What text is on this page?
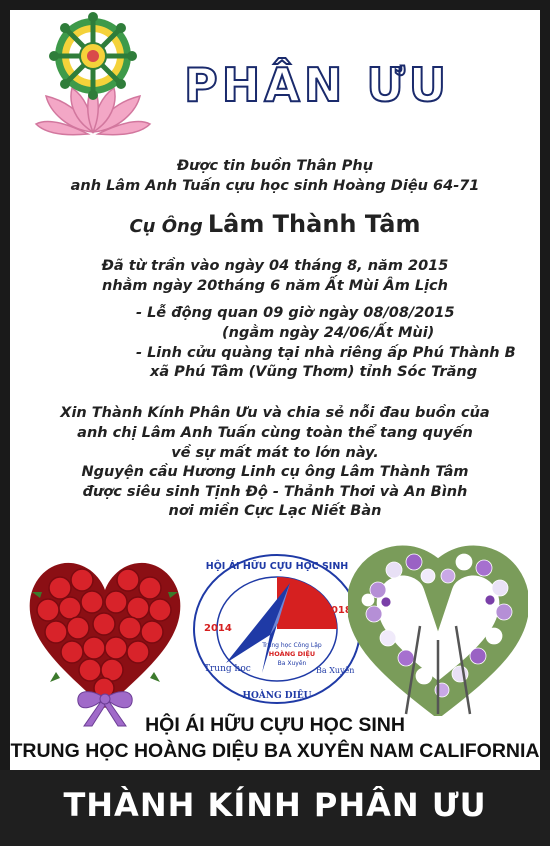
PHÂN ƯU
Được tin buồn Thân Phụ
anh Lâm Anh Tuấn cựu học sinh Hoàng Diệu 64-71
Cụ Ông Lâm Thành Tâm
Đã từ trần vào ngày 04 tháng 8, năm 2015
nhằm ngày 20tháng 6 năm Ất Mùi Âm Lịch
- Lễ động quan 09 giờ ngày 08/08/2015
(ngằm ngày 24/06/Ất Mùi)
- Linh cửu quàng tại nhà riêng ấp Phú Thành B
xã Phú Tâm (Vũng Thơm) tỉnh Sóc Trăng
Xin Thành Kính Phân Ưu và chia sẻ nỗi đau buồn của
anh chị Lâm Anh Tuấn cùng toàn thể tang quyến
về sự mất mát to lớn này.
Nguyện cầu Hương Linh cụ ông Lâm Thành Tâm
được siêu sinh Tịnh Độ - Thảnh Thơi và An Bình
nơi miền Cực Lạc Niết Bàn
HỘI ÁI HỮU CỰU HỌC SINH
2014
2018
Trung học Công Lập
HOÀNG DIỆU
Ba Xuyên
Trung học
HOÀNG DIỆU
Ba Xuyên
HỘI ÁI HỮU CỰU HỌC SINH
TRUNG HỌC HOÀNG DIỆU BA XUYÊN NAM CALIFORNIA
THÀNH KÍNH PHÂN ƯU
